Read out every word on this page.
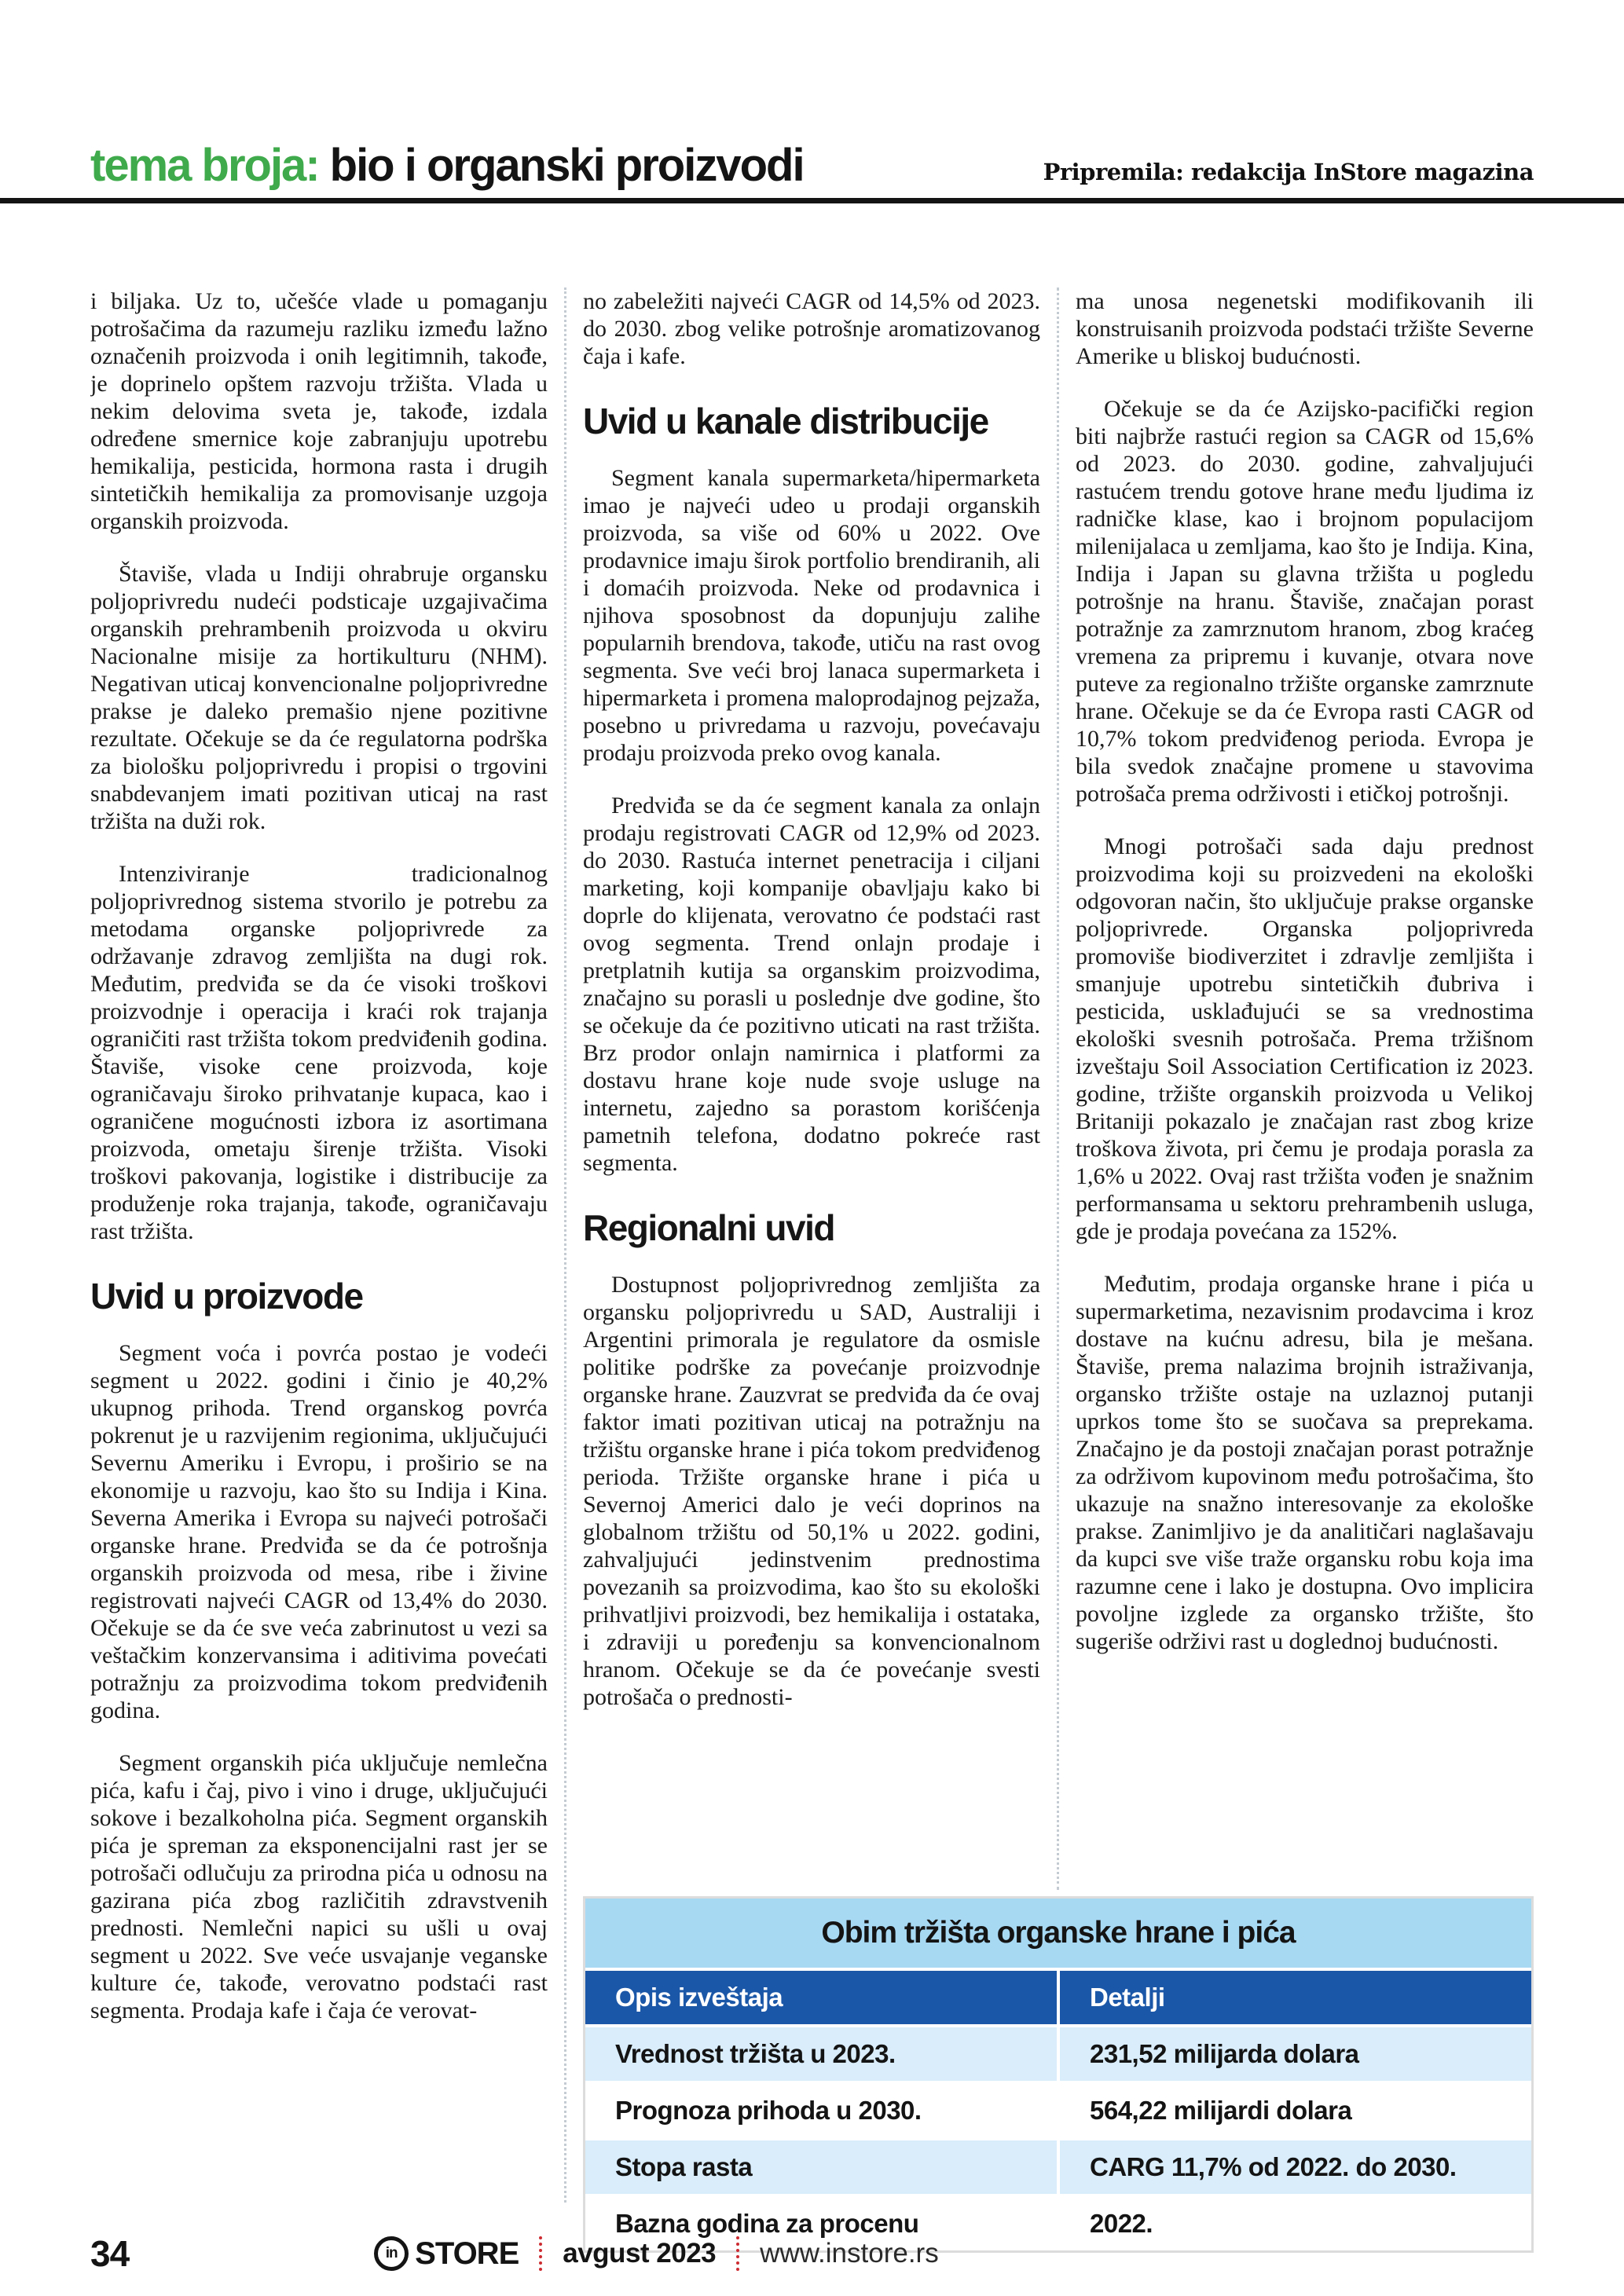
tema broja: bio i organski proizvodi	Pripremila: redakcija InStore magazina

i biljaka. Uz to, učešće vlade u pomaganju potrošačima da razumeju razliku između lažno označenih proizvoda i onih legitimnih, takođe, je doprinelo opštem razvoju tržišta. Vlada u nekim delovima sveta je, takođe, izdala određene smernice koje zabranjuju upotrebu hemikalija, pesticida, hormona rasta i drugih sintetičkih hemikalija za promovisanje uzgoja organskih proizvoda.

Štaviše, vlada u Indiji ohrabruje organsku poljoprivredu nudeći podsticaje uzgajivačima organskih prehrambenih proizvoda u okviru Nacionalne misije za hortikulturu (NHM). Negativan uticaj konvencionalne poljoprivredne prakse je daleko premašio njene pozitivne rezultate. Očekuje se da će regulatorna podrška za biološku poljoprivredu i propisi o trgovini snabdevanjem imati pozitivan uticaj na rast tržišta na duži rok.

Intenziviranje tradicionalnog poljoprivrednog sistema stvorilo je potrebu za metodama organske poljoprivrede za održavanje zdravog zemljišta na dugi rok. Međutim, predviđa se da će visoki troškovi proizvodnje i operacija i kraći rok trajanja ograničiti rast tržišta tokom predviđenih godina. Štaviše, visoke cene proizvoda, koje ograničavaju široko prihvatanje kupaca, kao i ograničene mogućnosti izbora iz asortimana proizvoda, ometaju širenje tržišta. Visoki troškovi pakovanja, logistike i distribucije za produženje roka trajanja, takođe, ograničavaju rast tržišta.

Uvid u proizvode

Segment voća i povrća postao je vodeći segment u 2022. godini i činio je 40,2% ukupnog prihoda. Trend organskog povrća pokrenut je u razvijenim regionima, uključujući Severnu Ameriku i Evropu, i proširio se na ekonomije u razvoju, kao što su Indija i Kina. Severna Amerika i Evropa su najveći potrošači organske hrane. Predviđa se da će potrošnja organskih proizvoda od mesa, ribe i živine registrovati najveći CAGR od 13,4% do 2030. Očekuje se da će sve veća zabrinutost u vezi sa veštačkim konzervansima i aditivima povećati potražnju za proizvodima tokom predviđenih godina.

Segment organskih pića uključuje nemlečna pića, kafu i čaj, pivo i vino i druge, uključujući sokove i bezalkoholna pića. Segment organskih pića je spreman za eksponencijalni rast jer se potrošači odlučuju za prirodna pića u odnosu na gazirana pića zbog različitih zdravstvenih prednosti. Nemlečni napici su ušli u ovaj segment u 2022. Sve veće usvajanje veganske kulture će, takođe, verovatno podstaći rast segmenta. Prodaja kafe i čaja će verovat-

no zabeležiti najveći CAGR od 14,5% od 2023. do 2030. zbog velike potrošnje aromatizovanog čaja i kafe.

Uvid u kanale distribucije

Segment kanala supermarketa/hipermarketa imao je najveći udeo u prodaji organskih proizvoda, sa više od 60% u 2022. Ove prodavnice imaju širok portfolio brendiranih, ali i domaćih proizvoda. Neke od prodavnica i njihova sposobnost da dopunjuju zalihe popularnih brendova, takođe, utiču na rast ovog segmenta. Sve veći broj lanaca supermarketa i hipermarketa i promena maloprodajnog pejzaža, posebno u privredama u razvoju, povećavaju prodaju proizvoda preko ovog kanala.

Predviđa se da će segment kanala za onlajn prodaju registrovati CAGR od 12,9% od 2023. do 2030. Rastuća internet penetracija i ciljani marketing, koji kompanije obavljaju kako bi doprle do klijenata, verovatno će podstaći rast ovog segmenta. Trend onlajn prodaje i pretplatnih kutija sa organskim proizvodima, značajno su porasli u poslednje dve godine, što se očekuje da će pozitivno uticati na rast tržišta. Brz prodor onlajn namirnica i platformi za dostavu hrane koje nude svoje usluge na internetu, zajedno sa porastom korišćenja pametnih telefona, dodatno pokreće rast segmenta.

Regionalni uvid

Dostupnost poljoprivrednog zemljišta za organsku poljoprivredu u SAD, Australiji i Argentini primorala je regulatore da osmisle politike podrške za povećanje proizvodnje organske hrane. Zauzvrat se predviđa da će ovaj faktor imati pozitivan uticaj na potražnju na tržištu organske hrane i pića tokom predviđenog perioda. Tržište organske hrane i pića u Severnoj Americi dalo je veći doprinos na globalnom tržištu od 50,1% u 2022. godini, zahvaljujući jedinstvenim prednostima povezanih sa proizvodima, kao što su ekološki prihvatljivi proizvodi, bez hemikalija i ostataka, i zdraviji u poređenju sa konvencionalnom hranom. Očekuje se da će povećanje svesti potrošača o prednosti-

ma unosa negenetski modifikovanih ili konstruisanih proizvoda podstaći tržište Severne Amerike u bliskoj budućnosti.

Očekuje se da će Azijsko-pacifički region biti najbrže rastući region sa CAGR od 15,6% od 2023. do 2030. godine, zahvaljujući rastućem trendu gotove hrane među ljudima iz radničke klase, kao i brojnom populacijom milenijalaca u zemljama, kao što je Indija. Kina, Indija i Japan su glavna tržišta u pogledu potrošnje na hranu. Štaviše, značajan porast potražnje za zamrznutom hranom, zbog kraćeg vremena za pripremu i kuvanje, otvara nove puteve za regionalno tržište organske zamrznute hrane. Očekuje se da će Evropa rasti CAGR od 10,7% tokom predviđenog perioda. Evropa je bila svedok značajne promene u stavovima potrošača prema održivosti i etičkoj potrošnji.

Mnogi potrošači sada daju prednost proizvodima koji su proizvedeni na ekološki odgovoran način, što uključuje prakse organske poljoprivrede. Organska poljoprivreda promoviše biodiverzitet i zdravlje zemljišta i smanjuje upotrebu sintetičkih đubriva i pesticida, usklađujući se sa vrednostima ekološki svesnih potrošača. Prema tržišnom izveštaju Soil Association Certification iz 2023. godine, tržište organskih proizvoda u Velikoj Britaniji pokazalo je značajan rast zbog krize troškova života, pri čemu je prodaja porasla za 1,6% u 2022. Ovaj rast tržišta vođen je snažnim performansama u sektoru prehrambenih usluga, gde je prodaja povećana za 152%.

Međutim, prodaja organske hrane i pića u supermarketima, nezavisnim prodavcima i kroz dostave na kućnu adresu, bila je mešana. Štaviše, prema nalazima brojnih istraživanja, organsko tržište ostaje na uzlaznoj putanji uprkos tome što se suočava sa preprekama. Značajno je da postoji značajan porast potražnje za održivom kupovinom među potrošačima, što ukazuje na snažno interesovanje za ekološke prakse. Zanimljivo je da analitičari naglašavaju da kupci sve više traže organsku robu koja ima razumne cene i lako je dostupna. Ovo implicira povoljne izglede za organsko tržište, što sugeriše održivi rast u doglednoj budućnosti.

Obim tržišta organske hrane i pića
Opis izveštaja	Detalji
Vrednost tržišta u 2023.	231,52 milijarda dolara
Prognoza prihoda u 2030.	564,22 milijardi dolara
Stopa rasta	CARG 11,7% od 2022. do 2030.
Bazna godina za procenu	2022.
34	in STORE avgust 2023 www.instore.rs
